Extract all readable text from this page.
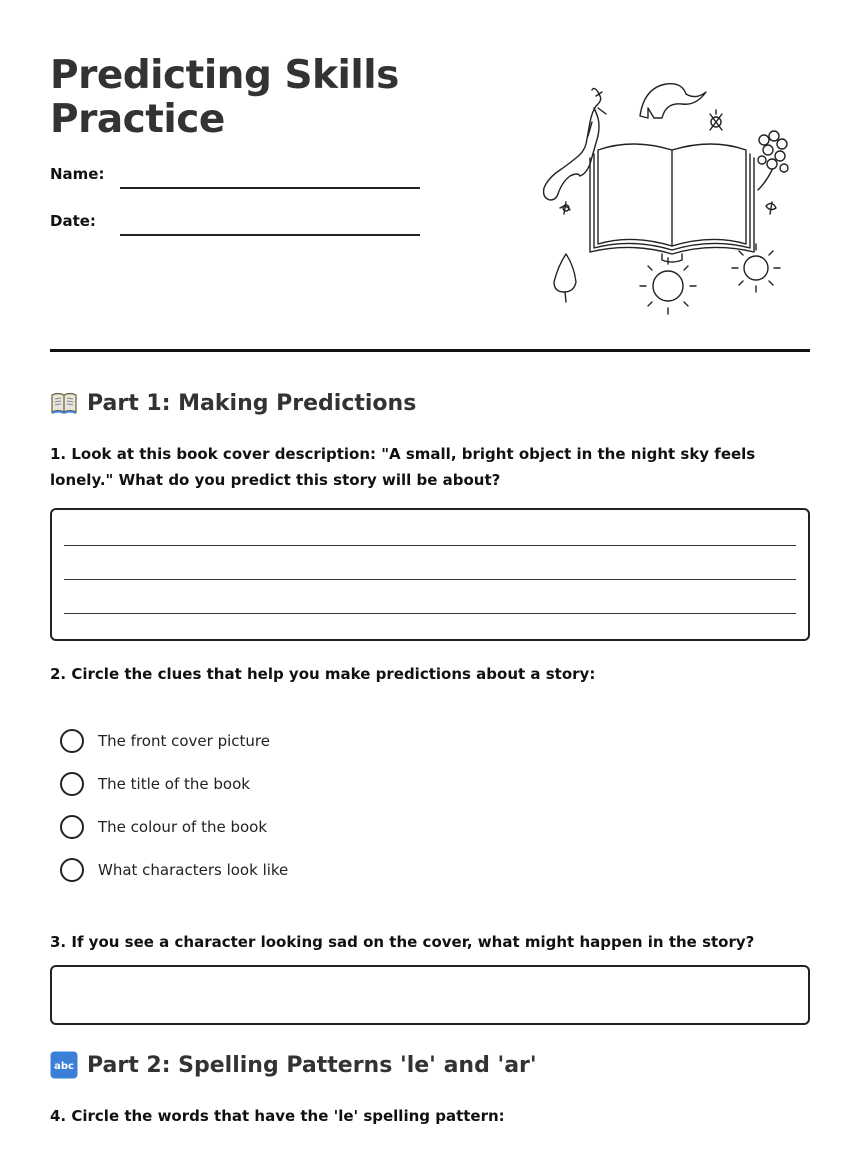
Predicting Skills Practice
Name:
Date:
Part 1: Making Predictions
1. Look at this book cover description: "A small, bright object in the night sky feels lonely." What do you predict this story will be about?
2. Circle the clues that help you make predictions about a story:
The front cover picture
The title of the book
The colour of the book
What characters look like
3. If you see a character looking sad on the cover, what might happen in the story?
abc Part 2: Spelling Patterns 'le' and 'ar'
4. Circle the words that have the 'le' spelling pattern:
